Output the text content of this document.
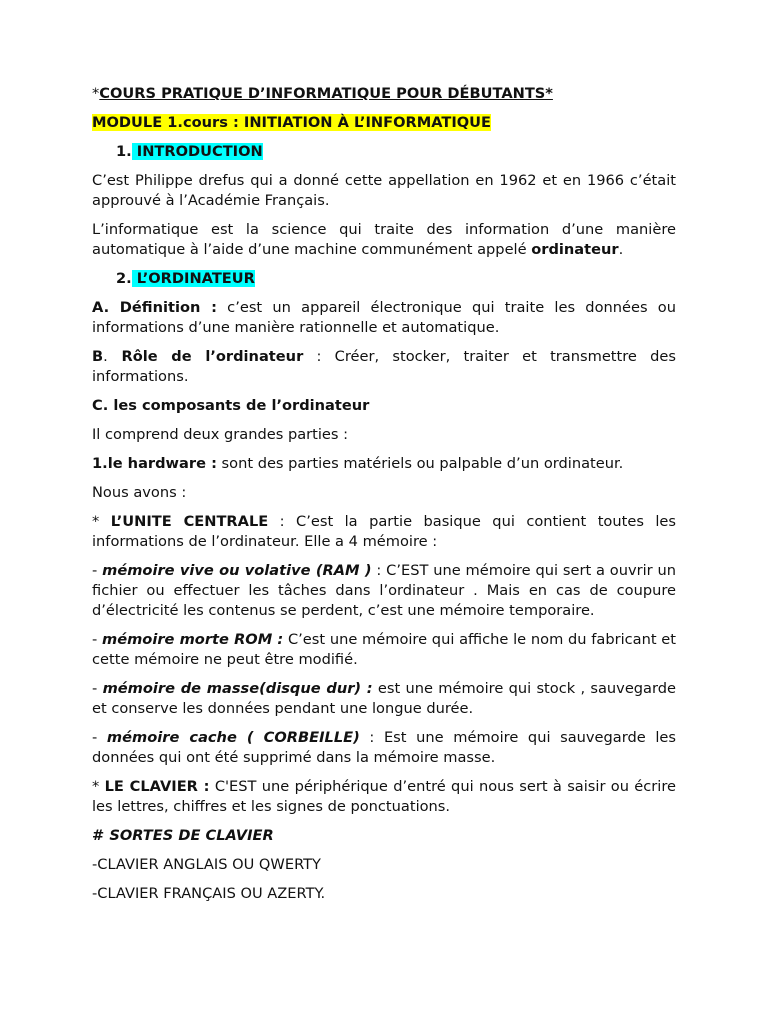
*COURS PRATIQUE D’INFORMATIQUE POUR DÉBUTANTS*

MODULE 1.cours : INITIATION À L’INFORMATIQUE

1. INTRODUCTION

C’est Philippe drefus qui a donné cette appellation en 1962 et en 1966 c’était approuvé à l’Académie Français.

L’informatique est la science qui traite des information d’une manière automatique à l’aide d’une machine communément appelé ordinateur.

2. L’ORDINATEUR

A. Définition : c’est un appareil électronique qui traite les données ou informations d’une manière rationnelle et automatique.

B. Rôle de l’ordinateur : Créer, stocker, traiter et transmettre des informations.

C. les composants de l’ordinateur

Il comprend deux grandes parties :

1.le hardware : sont des parties matériels ou palpable d’un ordinateur.

Nous avons :

* L’UNITE CENTRALE : C’est la partie basique qui contient toutes les informations de l’ordinateur. Elle a 4 mémoire :

- mémoire vive ou volative (RAM ) : C’EST une mémoire qui sert a ouvrir un fichier ou effectuer les tâches dans l’ordinateur . Mais en cas de coupure d’électricité les contenus se perdent, c’est une mémoire temporaire.

- mémoire morte ROM : C’est une mémoire qui affiche le nom du fabricant et cette mémoire ne peut être modifié.

- mémoire de masse(disque dur) : est une mémoire qui stock , sauvegarde et conserve les données pendant une longue durée.

- mémoire cache ( CORBEILLE) : Est une mémoire qui sauvegarde les données qui ont été supprimé dans la mémoire masse.

* LE CLAVIER : C'EST une périphérique d’entré qui nous sert à saisir ou écrire les lettres, chiffres et les signes de ponctuations.

# SORTES DE CLAVIER

-CLAVIER ANGLAIS OU QWERTY

-CLAVIER FRANÇAIS OU AZERTY.
